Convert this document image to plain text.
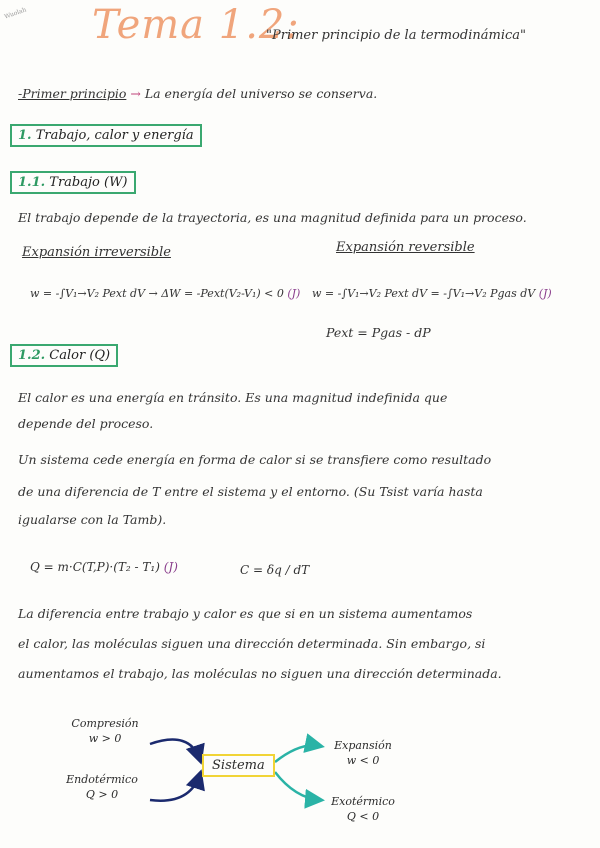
Wuolah Tema 1.2:
"Primer principio de la termodinámica"
-Primer principio → La energía del universo se conserva.
1. Trabajo, calor y energía
1.1. Trabajo (W)
El trabajo depende de la trayectoria, es una magnitud definida para un proceso.
Expansión irreversible	Expansión reversible
w = -∫V₁→V₂ Pext dV → ΔW = -Pext(V₂-V₁) < 0 (J) w = -∫V₁→V₂ Pext dV = -∫V₁→V₂ Pgas dV (J)
Pext = Pgas - dP
1.2. Calor (Q)
El calor es una energía en tránsito. Es una magnitud indefinida que
depende del proceso.
Un sistema cede energía en forma de calor si se transfiere como resultado
de una diferencia de T entre el sistema y el entorno. (Su Tsist varía hasta
igualarse con la Tamb).
Q = m·C(T,P)·(T₂ - T₁) (J)	C = δq / dT
La diferencia entre trabajo y calor es que si en un sistema aumentamos
el calor, las moléculas siguen una dirección determinada. Sin embargo, si
aumentamos el trabajo, las moléculas no siguen una dirección determinada.
Sistema
Compresión
w > 0
Endotérmico
Q > 0
Expansión
w < 0
Exotérmico
Q < 0
